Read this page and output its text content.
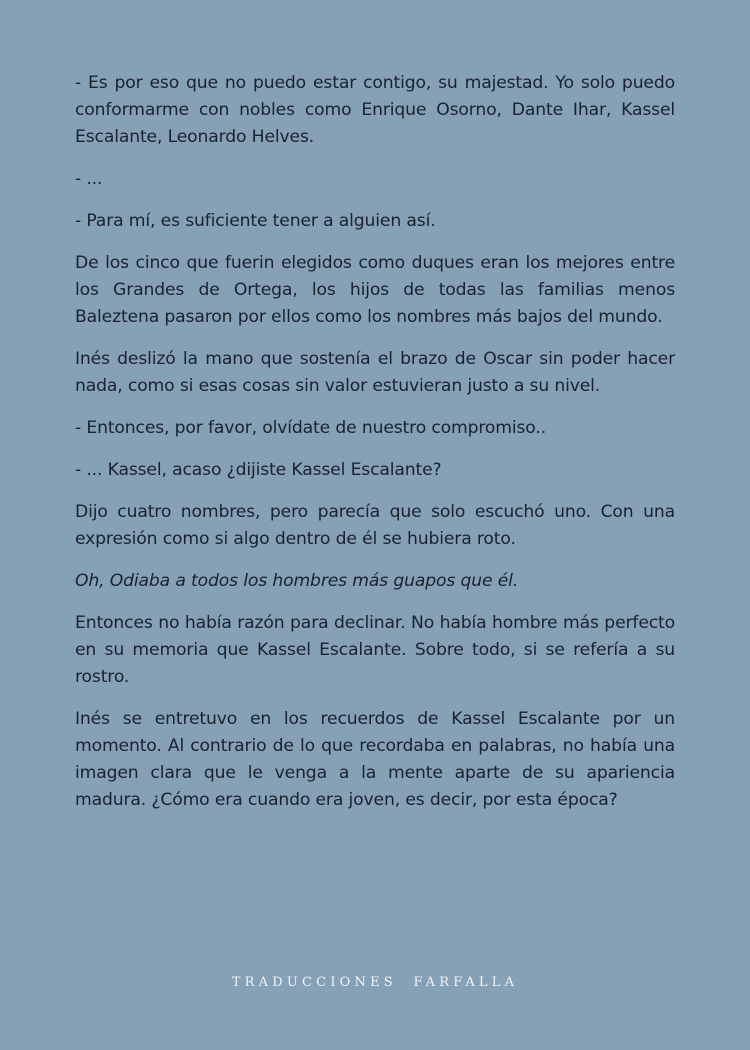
- Es por eso que no puedo estar contigo, su majestad. Yo solo puedo conformarme con nobles como Enrique Osorno, Dante Ihar, Kassel Escalante, Leonardo Helves.

- ...

- Para mí, es suficiente tener a alguien así.

De los cinco que fuerin elegidos como duques eran los mejores entre los Grandes de Ortega, los hijos de todas las familias menos Baleztena pasaron por ellos como los nombres más bajos del mundo.

Inés deslizó la mano que sostenía el brazo de Oscar sin poder hacer nada, como si esas cosas sin valor estuvieran justo a su nivel.

- Entonces, por favor, olvídate de nuestro compromiso..

- ... Kassel, acaso ¿dijiste Kassel Escalante?

Dijo cuatro nombres, pero parecía que solo escuchó uno. Con una expresión como si algo dentro de él se hubiera roto.

Oh, Odiaba a todos los hombres más guapos que él.

Entonces no había razón para declinar. No había hombre más perfecto en su memoria que Kassel Escalante. Sobre todo, si se refería a su rostro.

Inés se entretuvo en los recuerdos de Kassel Escalante por un momento. Al contrario de lo que recordaba en palabras, no había una imagen clara que le venga a la mente aparte de su apariencia madura. ¿Cómo era cuando era joven, es decir, por esta época?

TRADUCCIONES  FARFALLA
